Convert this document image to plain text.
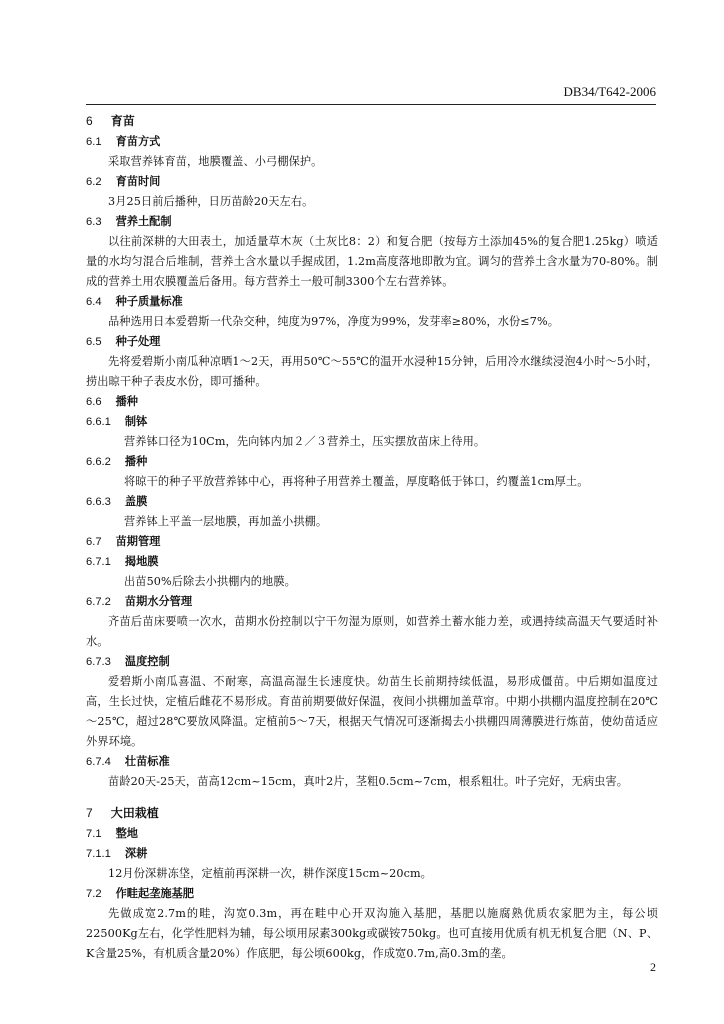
DB34/T642-2006
6 育苗
6.1 育苗方式

采取营养钵育苗，地膜覆盖、小弓棚保护。

6.2 育苗时间

3月25日前后播种，日历苗龄20天左右。

6.3 营养土配制

以往前深耕的大田表土，加适量草木灰（土灰比8：2）和复合肥（按每方土添加45%的复合肥1.25kg）喷适量的水均匀混合后堆制，营养土含水量以手握成团，1.2m高度落地即散为宜。调匀的营养土含水量为70-80%。制成的营养土用农膜覆盖后备用。每方营养土一般可制3300个左右营养钵。

6.4 种子质量标准

品种选用日本爱碧斯一代杂交种，纯度为97%，净度为99%，发芽率≥80%，水份≤7%。

6.5 种子处理

先将爱碧斯小南瓜种凉晒1～2天，再用50℃～55℃的温开水浸种15分钟，后用冷水继续浸泡4小时～5小时，捞出晾干种子表皮水份，即可播种。

6.6 播种
6.6.1 制钵

营养钵口径为10Cm，先向钵内加２／３营养土，压实摆放苗床上待用。

6.6.2 播种

将晾干的种子平放营养钵中心，再将种子用营养土覆盖，厚度略低于钵口，约覆盖1cm厚土。

6.6.3 盖膜

营养钵上平盖一层地膜，再加盖小拱棚。

6.7 苗期管理
6.7.1 揭地膜

出苗50%后除去小拱棚内的地膜。

6.7.2 苗期水分管理

齐苗后苗床要喷一次水，苗期水份控制以宁干勿湿为原则，如营养土蓄水能力差，或遇持续高温天气要适时补水。

6.7.3 温度控制

爱碧斯小南瓜喜温、不耐寒，高温高湿生长速度快。幼苗生长前期持续低温，易形成僵苗。中后期如温度过高，生长过快，定植后雌花不易形成。育苗前期要做好保温，夜间小拱棚加盖草帘。中期小拱棚内温度控制在20℃～25℃，超过28℃要放风降温。定植前5～7天，根据天气情况可逐渐揭去小拱棚四周薄膜进行炼苗，使幼苗适应外界环境。

6.7.4 壮苗标准

苗龄20天-25天，苗高12cm~15cm，真叶2片，茎粗0.5cm~7cm，根系粗壮。叶子完好，无病虫害。

7 大田栽植
7.1 整地
7.1.1 深耕

12月份深耕冻垡，定植前再深耕一次，耕作深度15cm~20cm。

7.2 作畦起垄施基肥

先做成宽2.7m的畦，沟宽0.3m，再在畦中心开双沟施入基肥，基肥以施腐熟优质农家肥为主，每公顷22500Kg左右，化学性肥料为辅，每公顷用尿素300kg或碳铵750kg。也可直接用优质有机无机复合肥（N、P、K含量25%，有机质含量20%）作底肥，每公顷600kg，作成宽0.7m,高0.3m的垄。

2
